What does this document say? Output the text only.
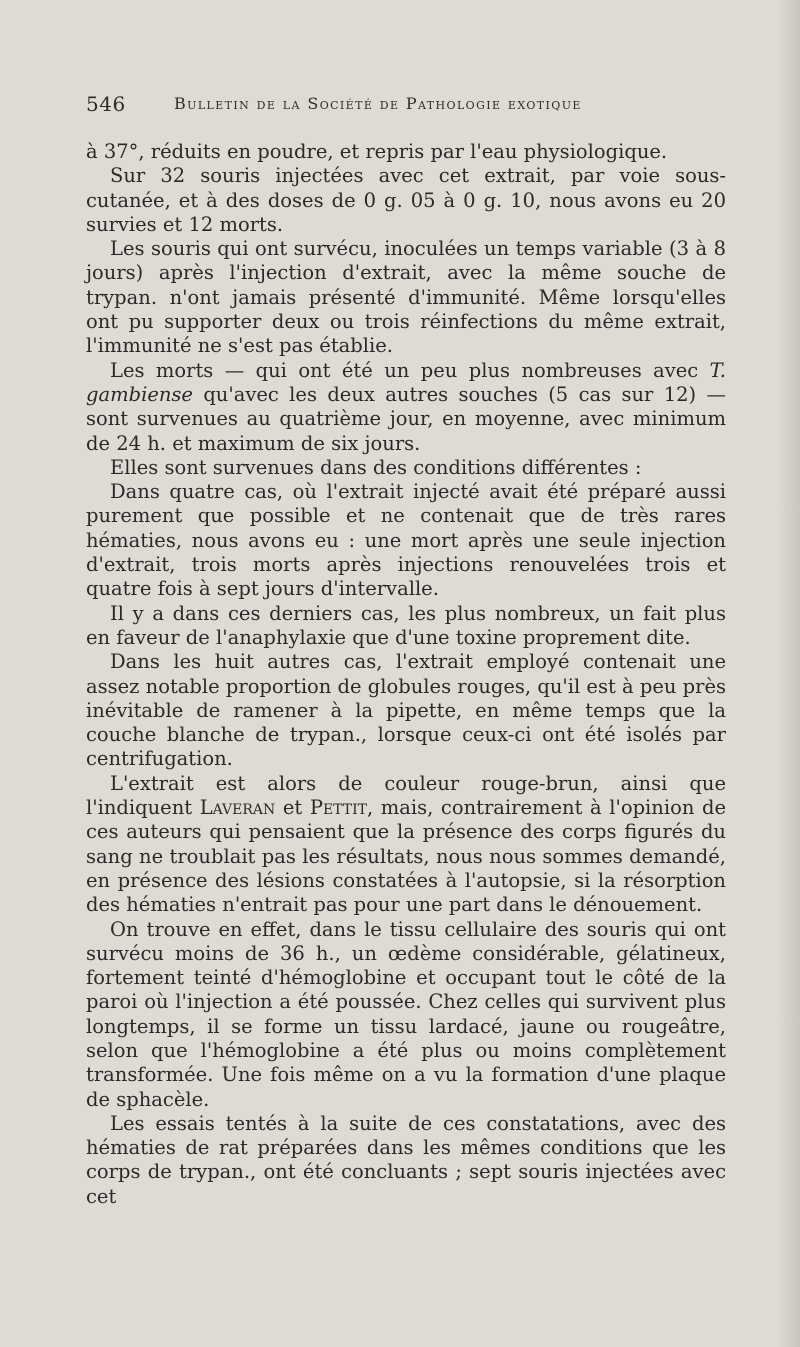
546	Bulletin de la Société de Pathologie exotique

à 37°, réduits en poudre, et repris par l'eau physiologique.

Sur 32 souris injectées avec cet extrait, par voie sous-cutanée, et à des doses de 0 g. 05 à 0 g. 10, nous avons eu 20 survies et 12 morts.

Les souris qui ont survécu, inoculées un temps variable (3 à 8 jours) après l'injection d'extrait, avec la même souche de trypan. n'ont jamais présenté d'immunité. Même lorsqu'elles ont pu supporter deux ou trois réinfections du même extrait, l'immunité ne s'est pas établie.

Les morts — qui ont été un peu plus nombreuses avec T. gambiense qu'avec les deux autres souches (5 cas sur 12) — sont survenues au quatrième jour, en moyenne, avec minimum de 24 h. et maximum de six jours.

Elles sont survenues dans des conditions différentes :

Dans quatre cas, où l'extrait injecté avait été préparé aussi purement que possible et ne contenait que de très rares hématies, nous avons eu : une mort après une seule injection d'extrait, trois morts après injections renouvelées trois et quatre fois à sept jours d'intervalle.

Il y a dans ces derniers cas, les plus nombreux, un fait plus en faveur de l'anaphylaxie que d'une toxine proprement dite.

Dans les huit autres cas, l'extrait employé contenait une assez notable proportion de globules rouges, qu'il est à peu près inévitable de ramener à la pipette, en même temps que la couche blanche de trypan., lorsque ceux-ci ont été isolés par centrifugation.

L'extrait est alors de couleur rouge-brun, ainsi que l'indiquent Laveran et Pettit, mais, contrairement à l'opinion de ces auteurs qui pensaient que la présence des corps figurés du sang ne troublait pas les résultats, nous nous sommes demandé, en présence des lésions constatées à l'autopsie, si la résorption des hématies n'entrait pas pour une part dans le dénouement.

On trouve en effet, dans le tissu cellulaire des souris qui ont survécu moins de 36 h., un œdème considérable, gélatineux, fortement teinté d'hémoglobine et occupant tout le côté de la paroi où l'injection a été poussée. Chez celles qui survivent plus longtemps, il se forme un tissu lardacé, jaune ou rougeâtre, selon que l'hémoglobine a été plus ou moins complètement transformée. Une fois même on a vu la formation d'une plaque de sphacèle.

Les essais tentés à la suite de ces constatations, avec des hématies de rat préparées dans les mêmes conditions que les corps de trypan., ont été concluants ; sept souris injectées avec cet
